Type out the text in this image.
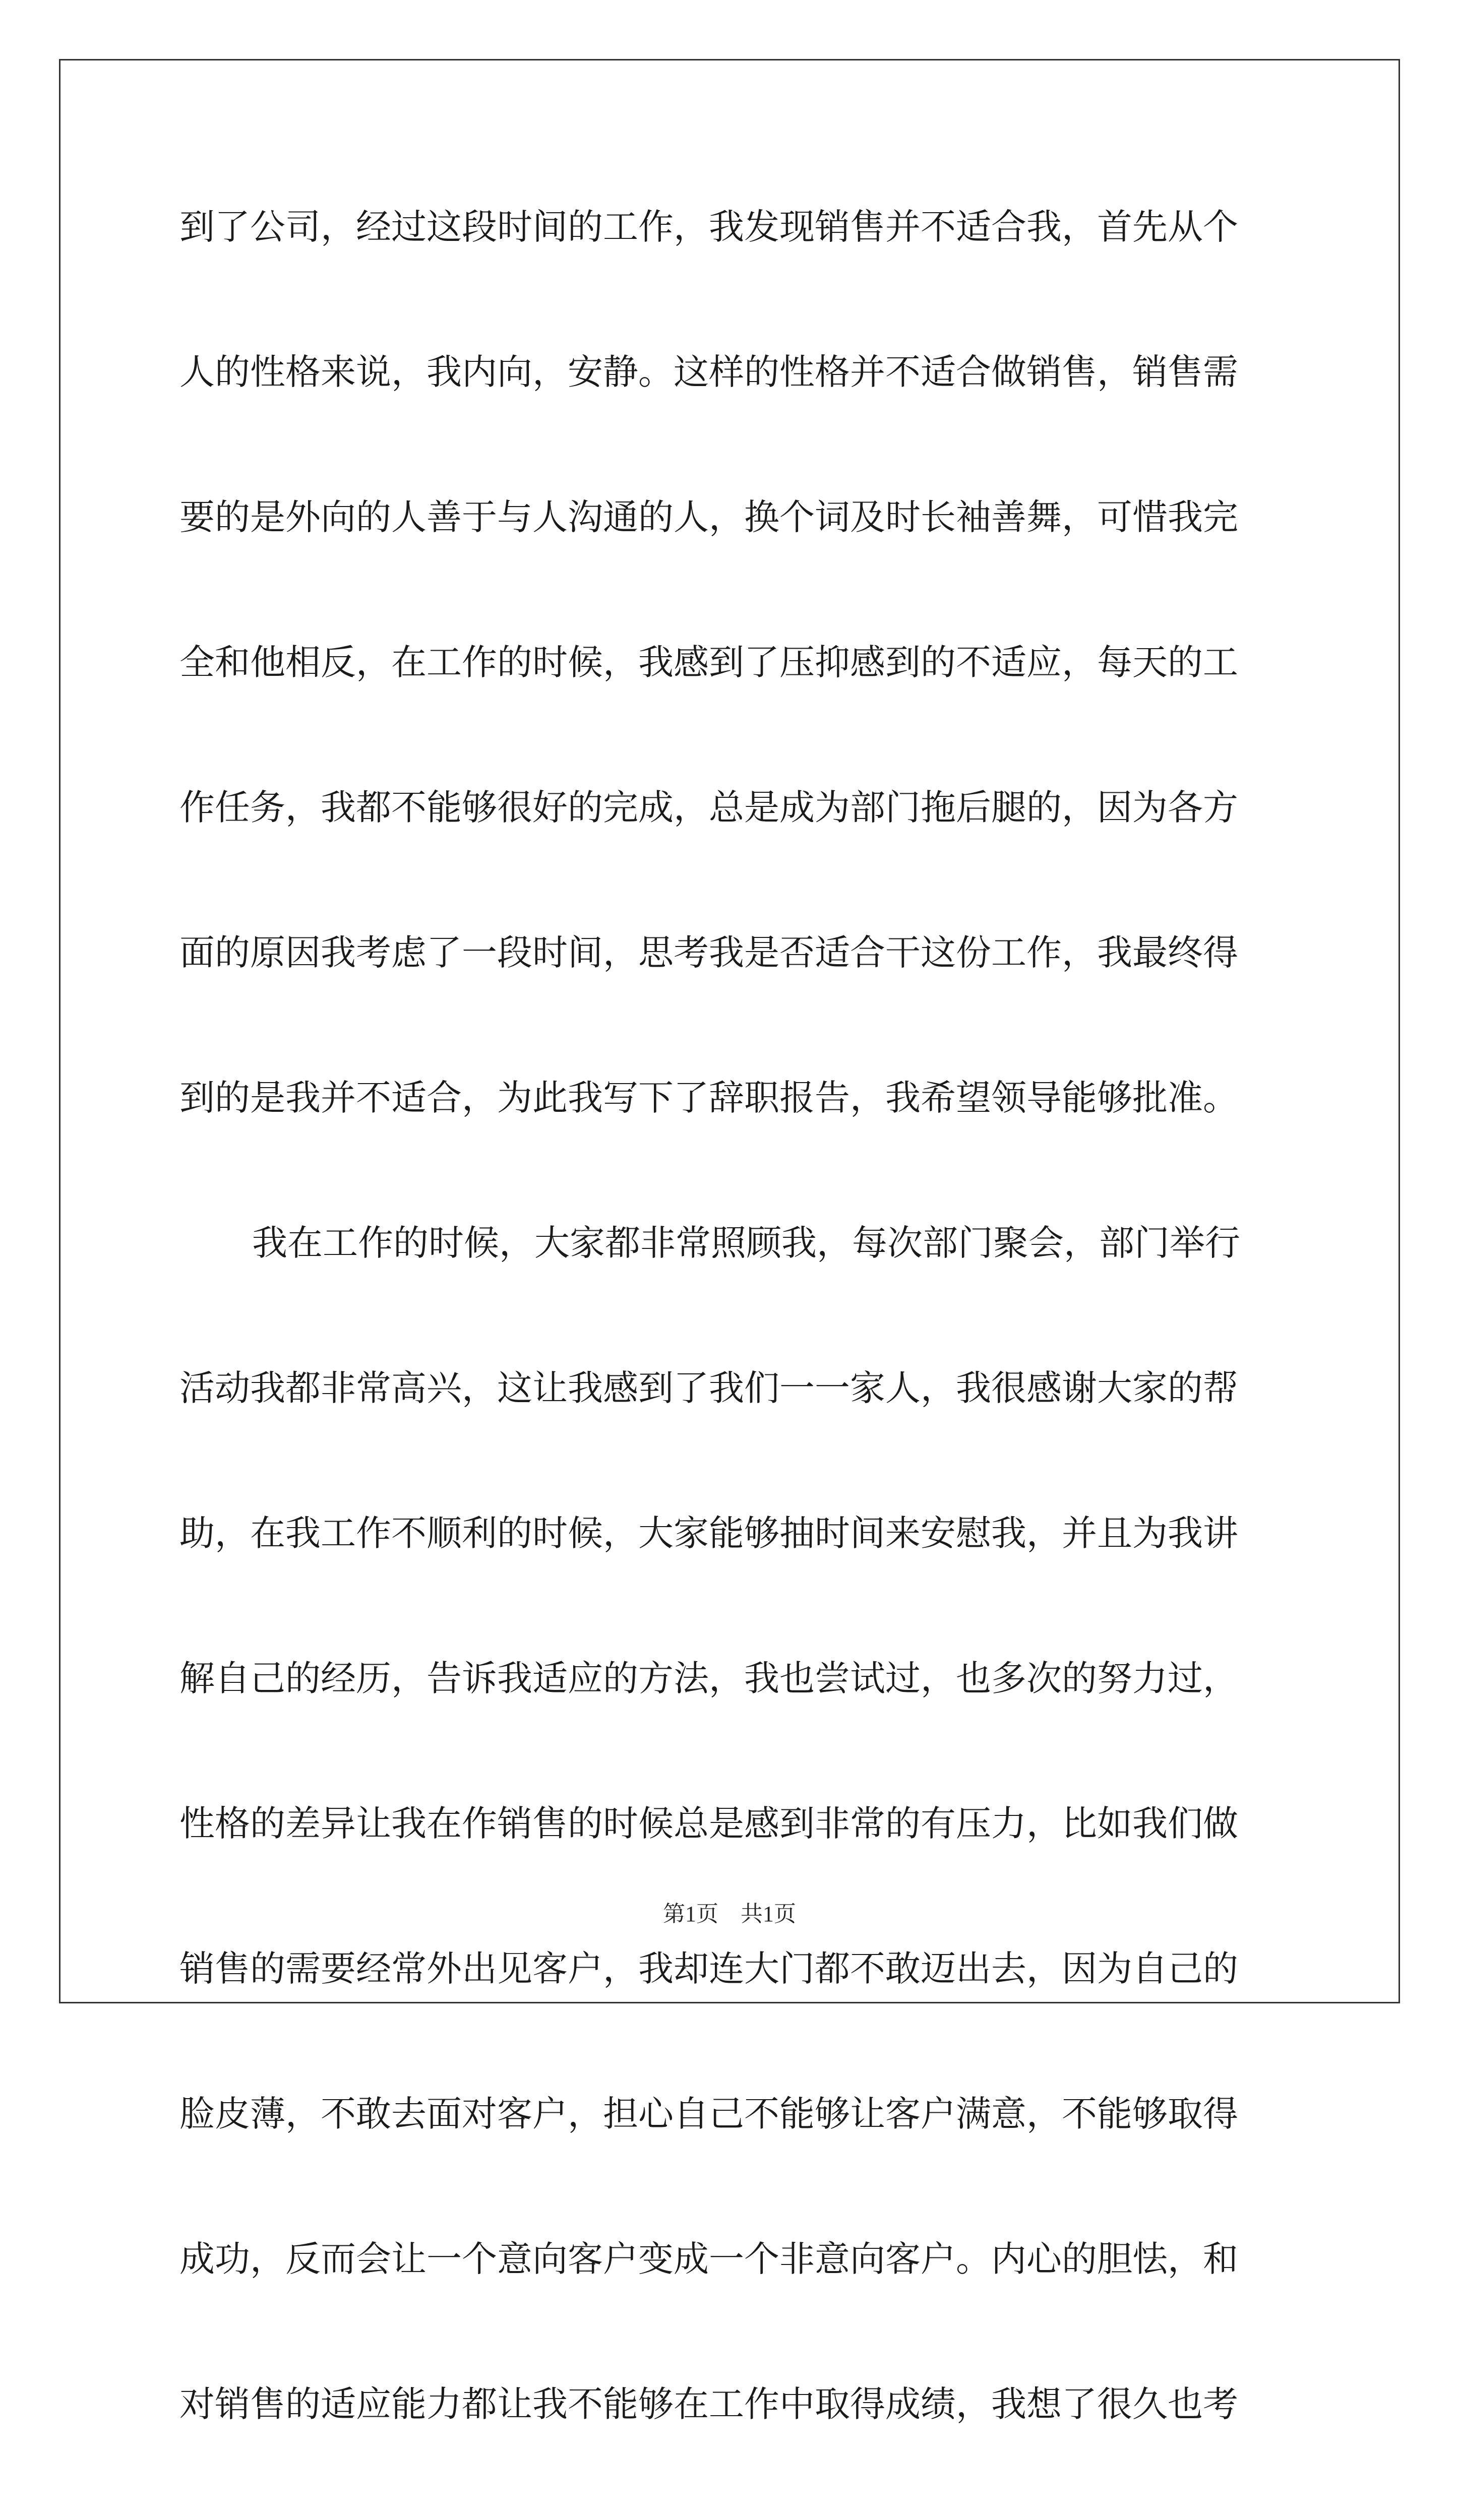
到了公司，经过这段时间的工作，我发现销售并不适合我，首先从个
人的性格来说，我内向，安静。这样的性格并不适合做销售，销售需
要的是外向的人善于与人沟通的人，换个词及时长袖善舞，可惜我完
全和他相反，在工作的时候，我感到了压抑感到的不适应，每天的工
作任务，我都不能够很好的完成，总是成为部门拖后腿的，因为各方
面的原因我考虑了一段时间，思考我是否适合干这份工作，我最终得
到的是我并不适合，为此我写下了辞职报告，我希望领导能够批准。
我在工作的时候，大家都非常照顾我，每次部门聚会，部门举行
活动我都非常高兴，这让我感到了我们一一家人，我很感谢大家的帮
助，在我工作不顺利的时候，大家能够抽时间来安慰我，并且为我讲
解自己的经历，告诉我适应的方法，我也尝试过，也多次的努力过，
性格的差异让我在作销售的时候总是感到非常的有压力，比如我们做
销售的需要经常外出见客户，我却连大门都不敢迈出去，因为自己的
脸皮薄，不敢去面对客户，担心自己不能够让客户满意，不能够取得
成功，反而会让一个意向客户变成一个非意向客户。内心的胆怯，和
对销售的适应能力都让我不能够在工作中取得成绩，我想了很久也考
第1页 共1页
